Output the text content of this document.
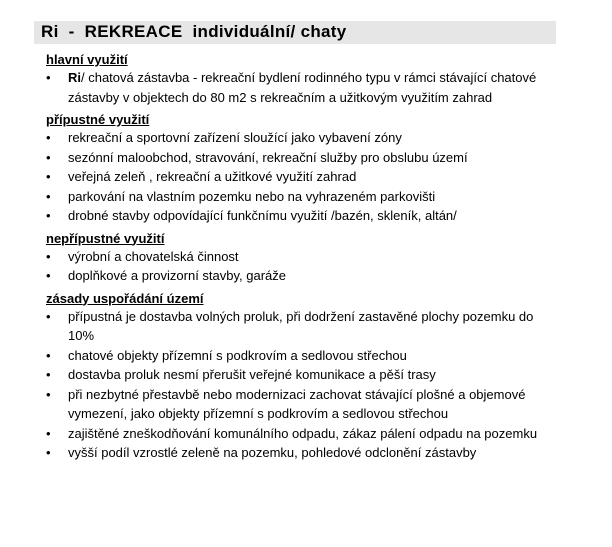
Ri  -  REKREACE  individuální/ chaty

hlavní využití

• Ri/ chatová zástavba - rekreační bydlení rodinného typu v rámci stávající chatové zástavby v objektech do 80 m2 s rekreačním a užitkovým využitím zahrad

přípustné využití

• rekreační a sportovní zařízení sloužící jako vybavení zóny
• sezónní maloobchod, stravování, rekreační služby pro obslubu území
• veřejná zeleň , rekreační a užitkové využití zahrad
• parkování na vlastním pozemku nebo na vyhrazeném parkovišti
• drobné stavby odpovídající funkčnímu využití /bazén, skleník, altán/

nepřípustné využití

• výrobní a chovatelská činnost
• doplňkové a provizorní stavby, garáže

zásady uspořádání území

• přípustná je dostavba volných proluk, při dodržení zastavěné plochy pozemku do 10%
• chatové objekty přízemní s podkrovím a sedlovou střechou
• dostavba proluk nesmí přerušit veřejné komunikace a pěší trasy
• při nezbytné přestavbě nebo modernizaci zachovat stávající plošné a objemové vymezení, jako objekty přízemní s podkrovím a sedlovou střechou
• zajištěné zneškodňování komunálního odpadu, zákaz pálení odpadu na pozemku
• vyšší podíl vzrostlé zeleně na pozemku, pohledové odclonění zástavby
